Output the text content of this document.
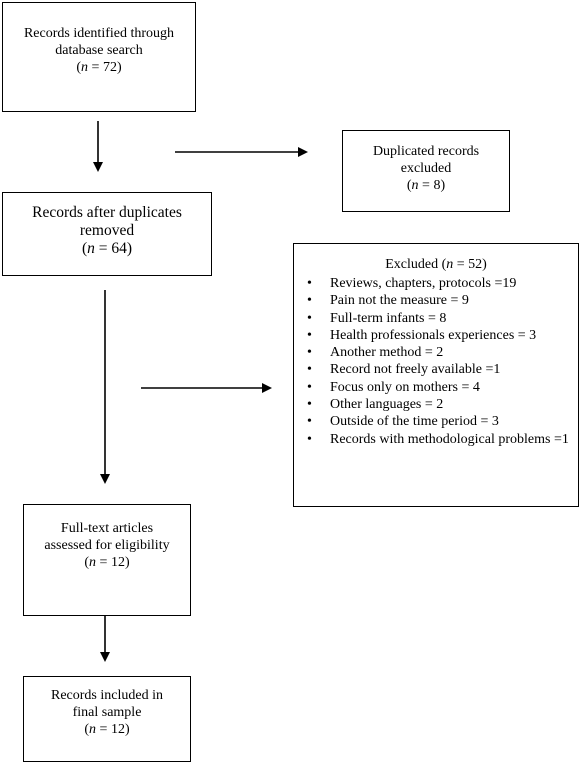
Records identified through
database search
(n = 72)
Duplicated records
excluded
(n = 8)
Records after duplicates
removed
(n = 64)
Excluded (n = 52)
• Reviews, chapters, protocols =19
• Pain not the measure = 9
• Full-term infants = 8
• Health professionals experiences = 3
• Another method = 2
• Record not freely available =1
• Focus only on mothers = 4
• Other languages = 2
• Outside of the time period = 3
• Records with methodological problems =1
Full-text articles
assessed for eligibility
(n = 12)
Records included in
final sample
(n = 12)
